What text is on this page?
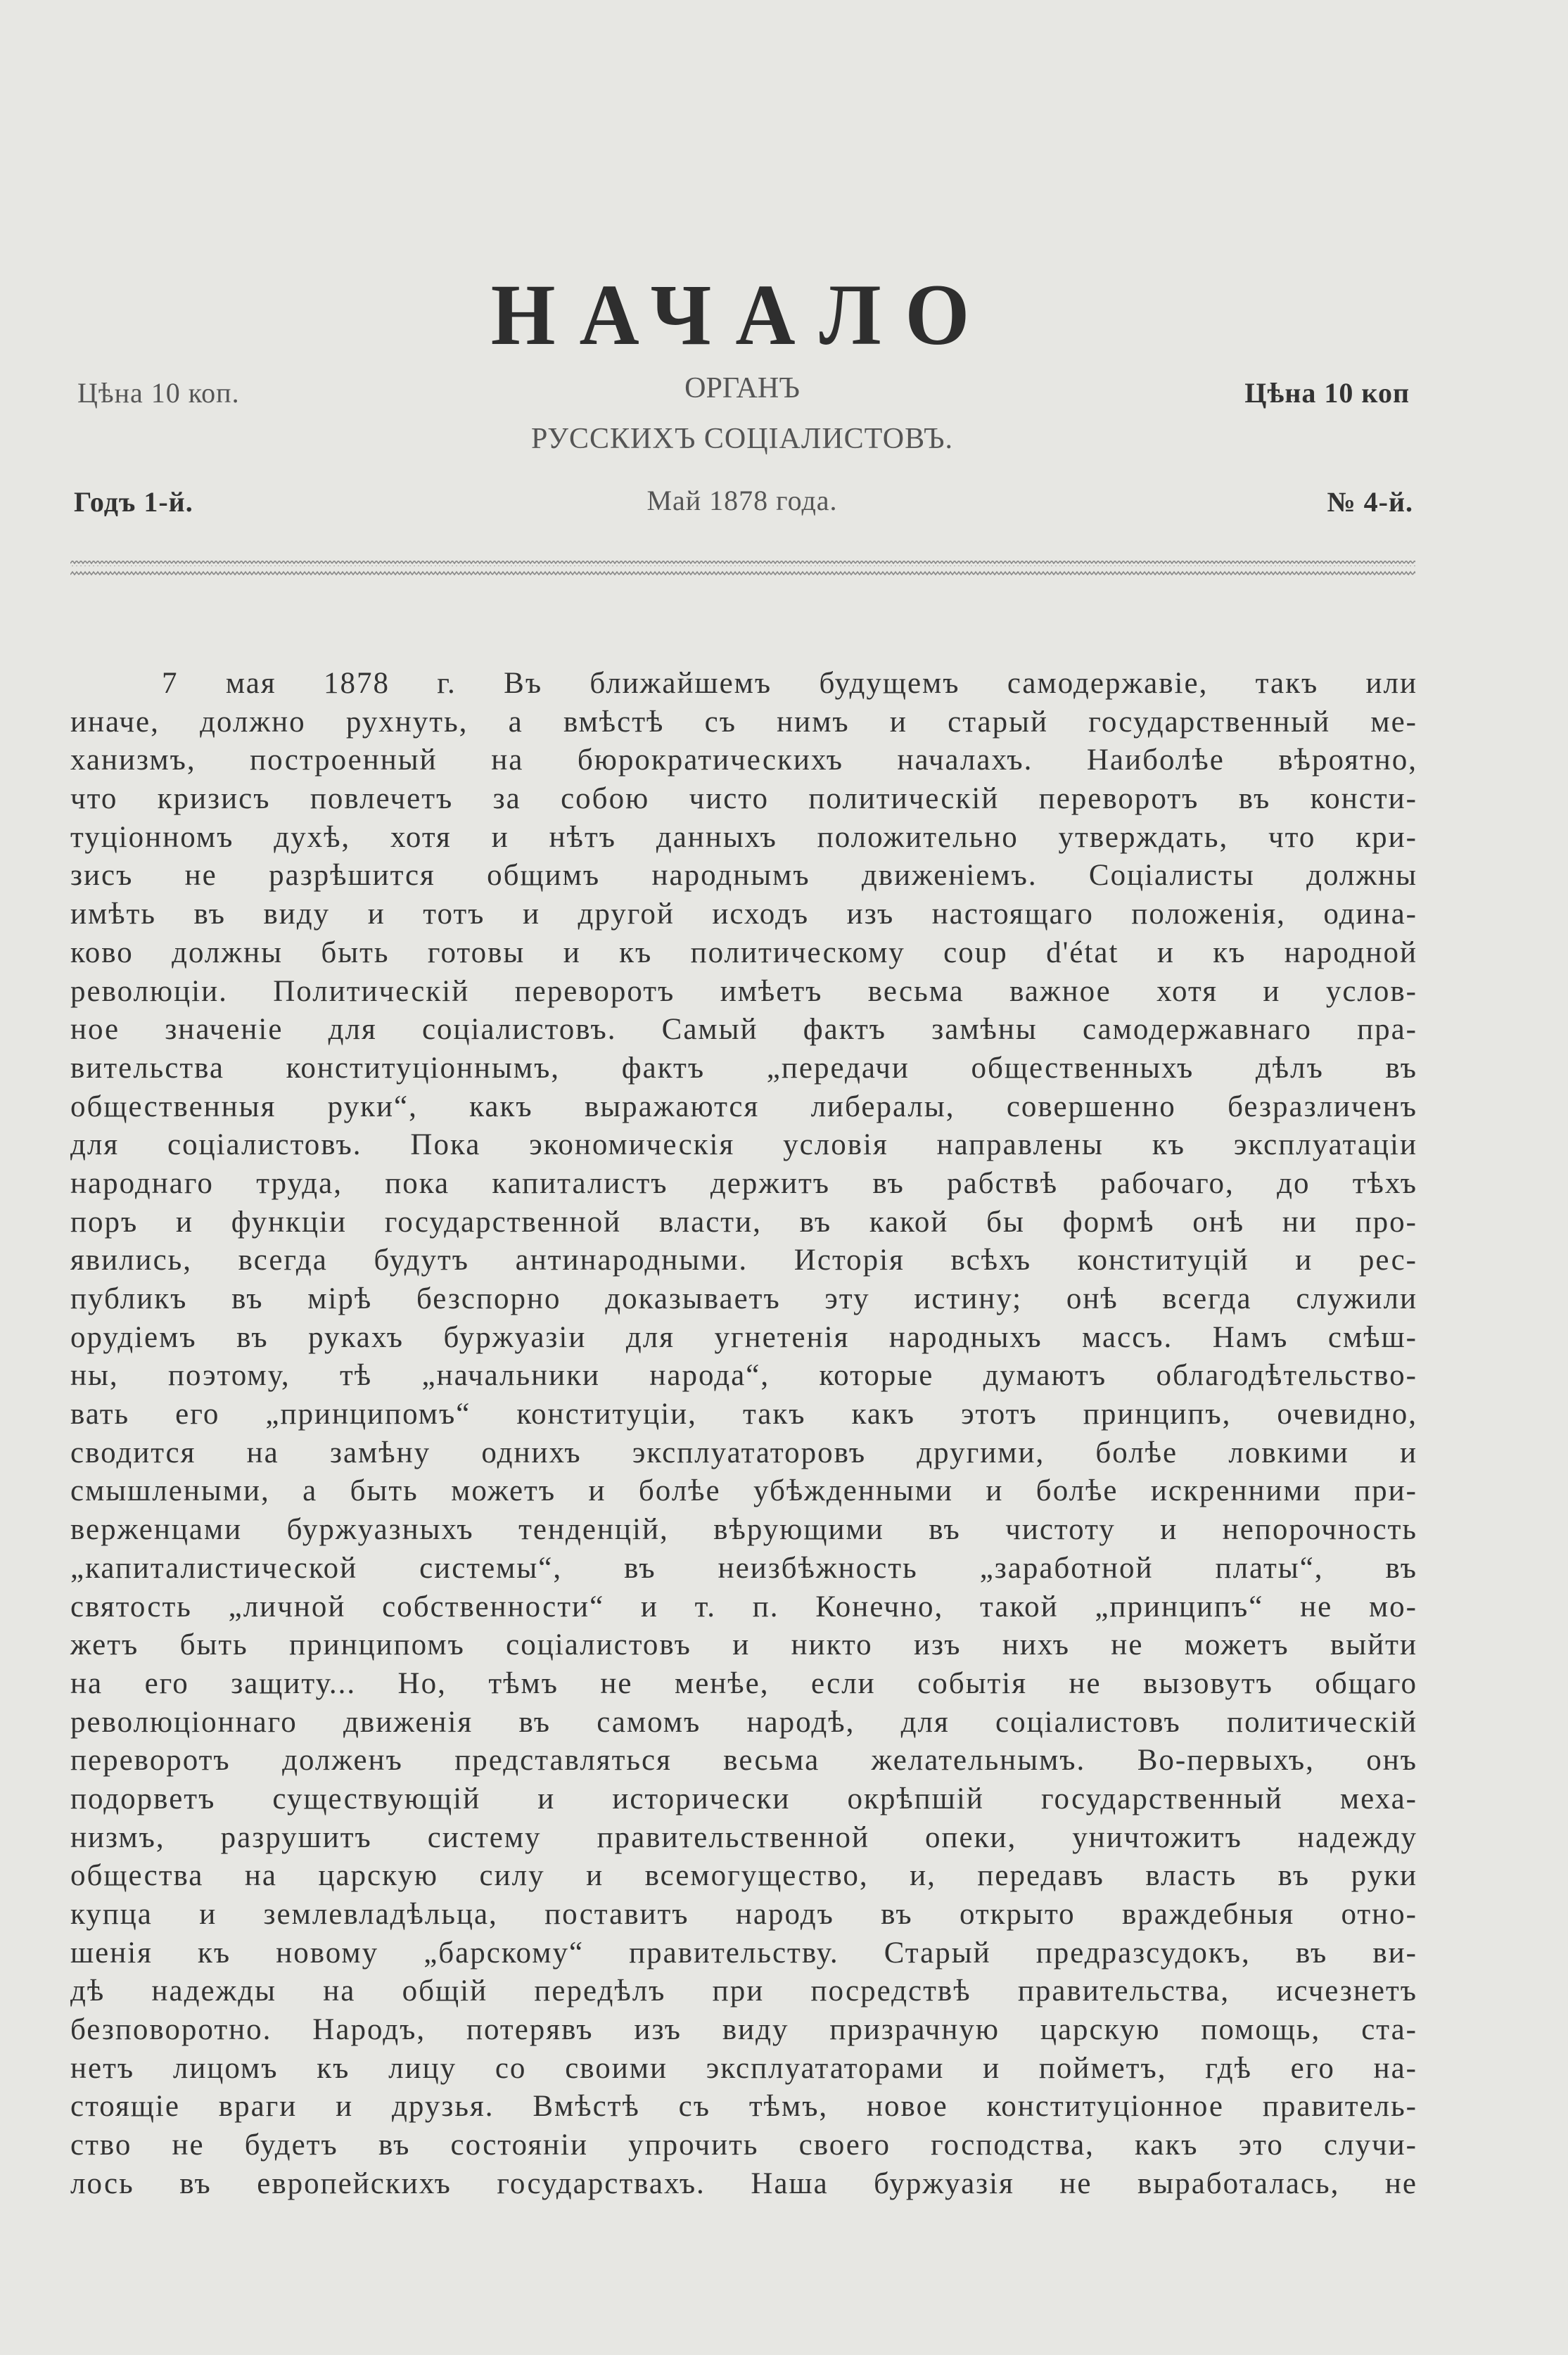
НАЧАЛО
Цѣна 10 коп.	ОРГАНЪ	Цѣна 10 коп
РУССКИХЪ СОЦІАЛИСТОВЪ.
Годъ 1-й.	Май 1878 года.	№ 4-й.
7 мая 1878 г. Въ ближайшемъ будущемъ самодержавіе, такъ или
иначе, должно рухнуть, а вмѣстѣ съ нимъ и старый государственный ме-
ханизмъ, построенный на бюрократическихъ началахъ. Наиболѣе вѣроятно,
что кризисъ повлечетъ за собою чисто политическій переворотъ въ консти-
туціонномъ духѣ, хотя и нѣтъ данныхъ положительно утверждать, что кри-
зисъ не разрѣшится общимъ народнымъ движеніемъ. Соціалисты должны
имѣть въ виду и тотъ и другой исходъ изъ настоящаго положенія, одина-
ково должны быть готовы и къ политическому coup d'état и къ народной
революціи. Политическій переворотъ имѣетъ весьма важное хотя и услов-
ное значеніе для соціалистовъ. Самый фактъ замѣны самодержавнаго пра-
вительства конституціоннымъ, фактъ „передачи общественныхъ дѣлъ въ
общественныя руки“, какъ выражаются либералы, совершенно безразличенъ
для соціалистовъ. Пока экономическія условія направлены къ эксплуатаціи
народнаго труда, пока капиталистъ держитъ въ рабствѣ рабочаго, до тѣхъ
поръ и функціи государственной власти, въ какой бы формѣ онѣ ни про-
явились, всегда будутъ антинародными. Исторія всѣхъ конституцій и рес-
публикъ въ мірѣ безспорно доказываетъ эту истину; онѣ всегда служили
орудіемъ въ рукахъ буржуазіи для угнетенія народныхъ массъ. Намъ смѣш-
ны, поэтому, тѣ „начальники народа“, которые думаютъ облагодѣтельство-
вать его „принципомъ“ конституціи, такъ какъ этотъ принципъ, очевидно,
сводится на замѣну однихъ эксплуататоровъ другими, болѣе ловкими и
смышлеными, а быть можетъ и болѣе убѣжденными и болѣе искренними при-
верженцами буржуазныхъ тенденцій, вѣрующими въ чистоту и непорочность
„капиталистической системы“, въ неизбѣжность „заработной платы“, въ
святость „личной собственности“ и т. п. Конечно, такой „принципъ“ не мо-
жетъ быть принципомъ соціалистовъ и никто изъ нихъ не можетъ выйти
на его защиту... Но, тѣмъ не менѣе, если событія не вызовутъ общаго
революціоннаго движенія въ самомъ народѣ, для соціалистовъ политическій
переворотъ долженъ представляться весьма желательнымъ. Во-первыхъ, онъ
подорветъ существующій и исторически окрѣпшій государственный меха-
низмъ, разрушитъ систему правительственной опеки, уничтожитъ надежду
общества на царскую силу и всемогущество, и, передавъ власть въ руки
купца и землевладѣльца, поставитъ народъ въ открыто враждебныя отно-
шенія къ новому „барскому“ правительству. Старый предразсудокъ, въ ви-
дѣ надежды на общій передѣлъ при посредствѣ правительства, исчезнетъ
безповоротно. Народъ, потерявъ изъ виду призрачную царскую помощь, ста-
нетъ лицомъ къ лицу со своими эксплуататорами и пойметъ, гдѣ его на-
стоящіе враги и друзья. Вмѣстѣ съ тѣмъ, новое конституціонное правитель-
ство не будетъ въ состояніи упрочить своего господства, какъ это случи-
лось въ европейскихъ государствахъ. Наша буржуазія не выработалась, не
